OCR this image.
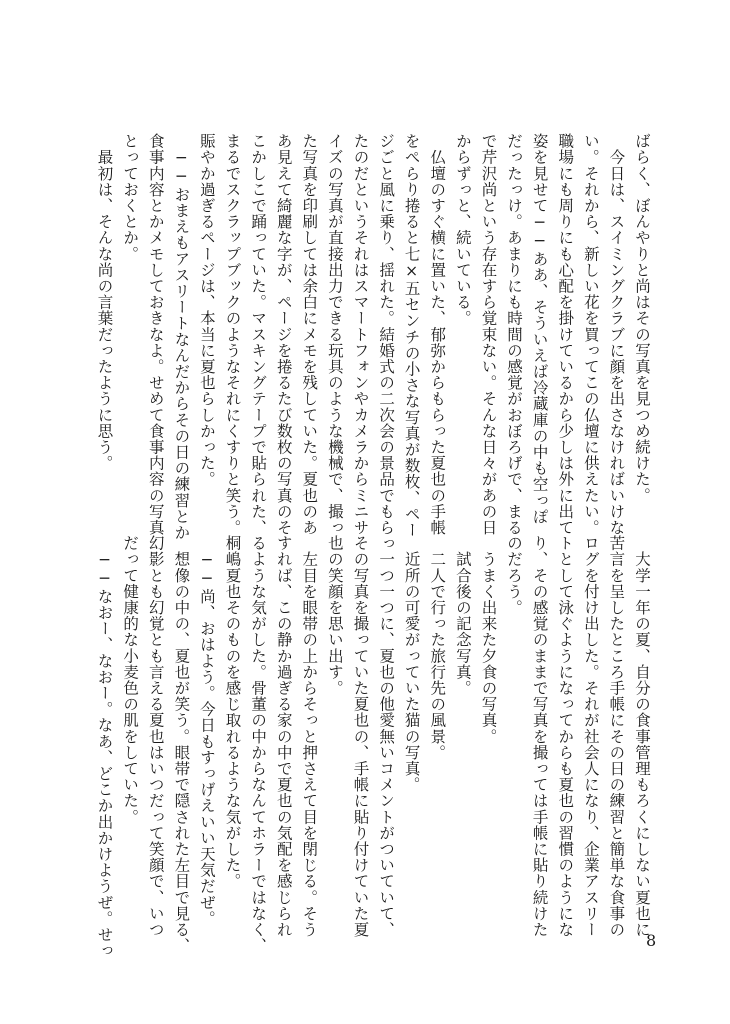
ばらく、ぼんやりと尚はその写真を見つめ続けた。

　今日は、スイミングクラブに顔を出さなければいけな

い。それから、新しい花を買ってこの仏壇に供えたい。

職場にも周りにも心配を掛けているから少しは外に出て

姿を見せて──ああ、そういえば冷蔵庫の中も空っぽ

だったっけ。あまりにも時間の感覚がおぼろげで、まる

で芹沢尚という存在すら覚束ない。そんな日々があの日

からずっと、続いている。

　仏壇のすぐ横に置いた、郁弥からもらった夏也の手帳

をぺらり捲ると七×五センチの小さな写真が数枚、ペー

ジごと風に乗り、揺れた。結婚式の二次会の景品でもらっ

たのだというそれはスマートフォンやカメラからミニサ

イズの写真が直接出力できる玩具のような機械で、撮っ

た写真を印刷しては余白にメモを残していた。夏也のあ

あ見えて綺麗な字が、ページを捲るたび数枚の写真のそ

こかしこで踊っていた。マスキングテープで貼られた、

まるでスクラップブックのようなそれにくすりと笑う。

賑やか過ぎるページは、本当に夏也らしかった。

　──おまえもアスリートなんだからその日の練習とか

食事内容とかメモしておきなよ。せめて食事内容の写真

とっておくとか。

　最初は、そんな尚の言葉だったように思う。

　大学一年の夏、自分の食事管理もろくにしない夏也に

苦言を呈したところ手帳にその日の練習と簡単な食事の

ログを付け出した。それが社会人になり、企業アスリー

トとして泳ぐようになってからも夏也の習慣のようにな

り、その感覚のままで写真を撮っては手帳に貼り続けた

のだろう。

　うまく出来た夕食の写真。

　試合後の記念写真。

　二人で行った旅行先の風景。

　近所の可愛がっていた猫の写真。

　一つ一つに、夏也の他愛無いコメントがついていて、

その写真を撮っていた夏也の、手帳に貼り付けていた夏

也の笑顔を思い出す。

　左目を眼帯の上からそっと押さえて目を閉じる。そう

すれば、この静か過ぎる家の中で夏也の気配を感じられ

るような気がした。骨董の中からなんてホラーではなく、

桐嶋夏也そのものを感じ取れるような気がした。

　──尚、おはよう。今日もすっげえいい天気だぜ。

　想像の中の、夏也が笑う。眼帯で隠された左目で見る、

幻影とも幻覚とも言える夏也はいつだって笑顔で、いつ

だって健康的な小麦色の肌をしていた。

　──なおー、なおー。なあ、どこか出かけようぜ。せっ	8
